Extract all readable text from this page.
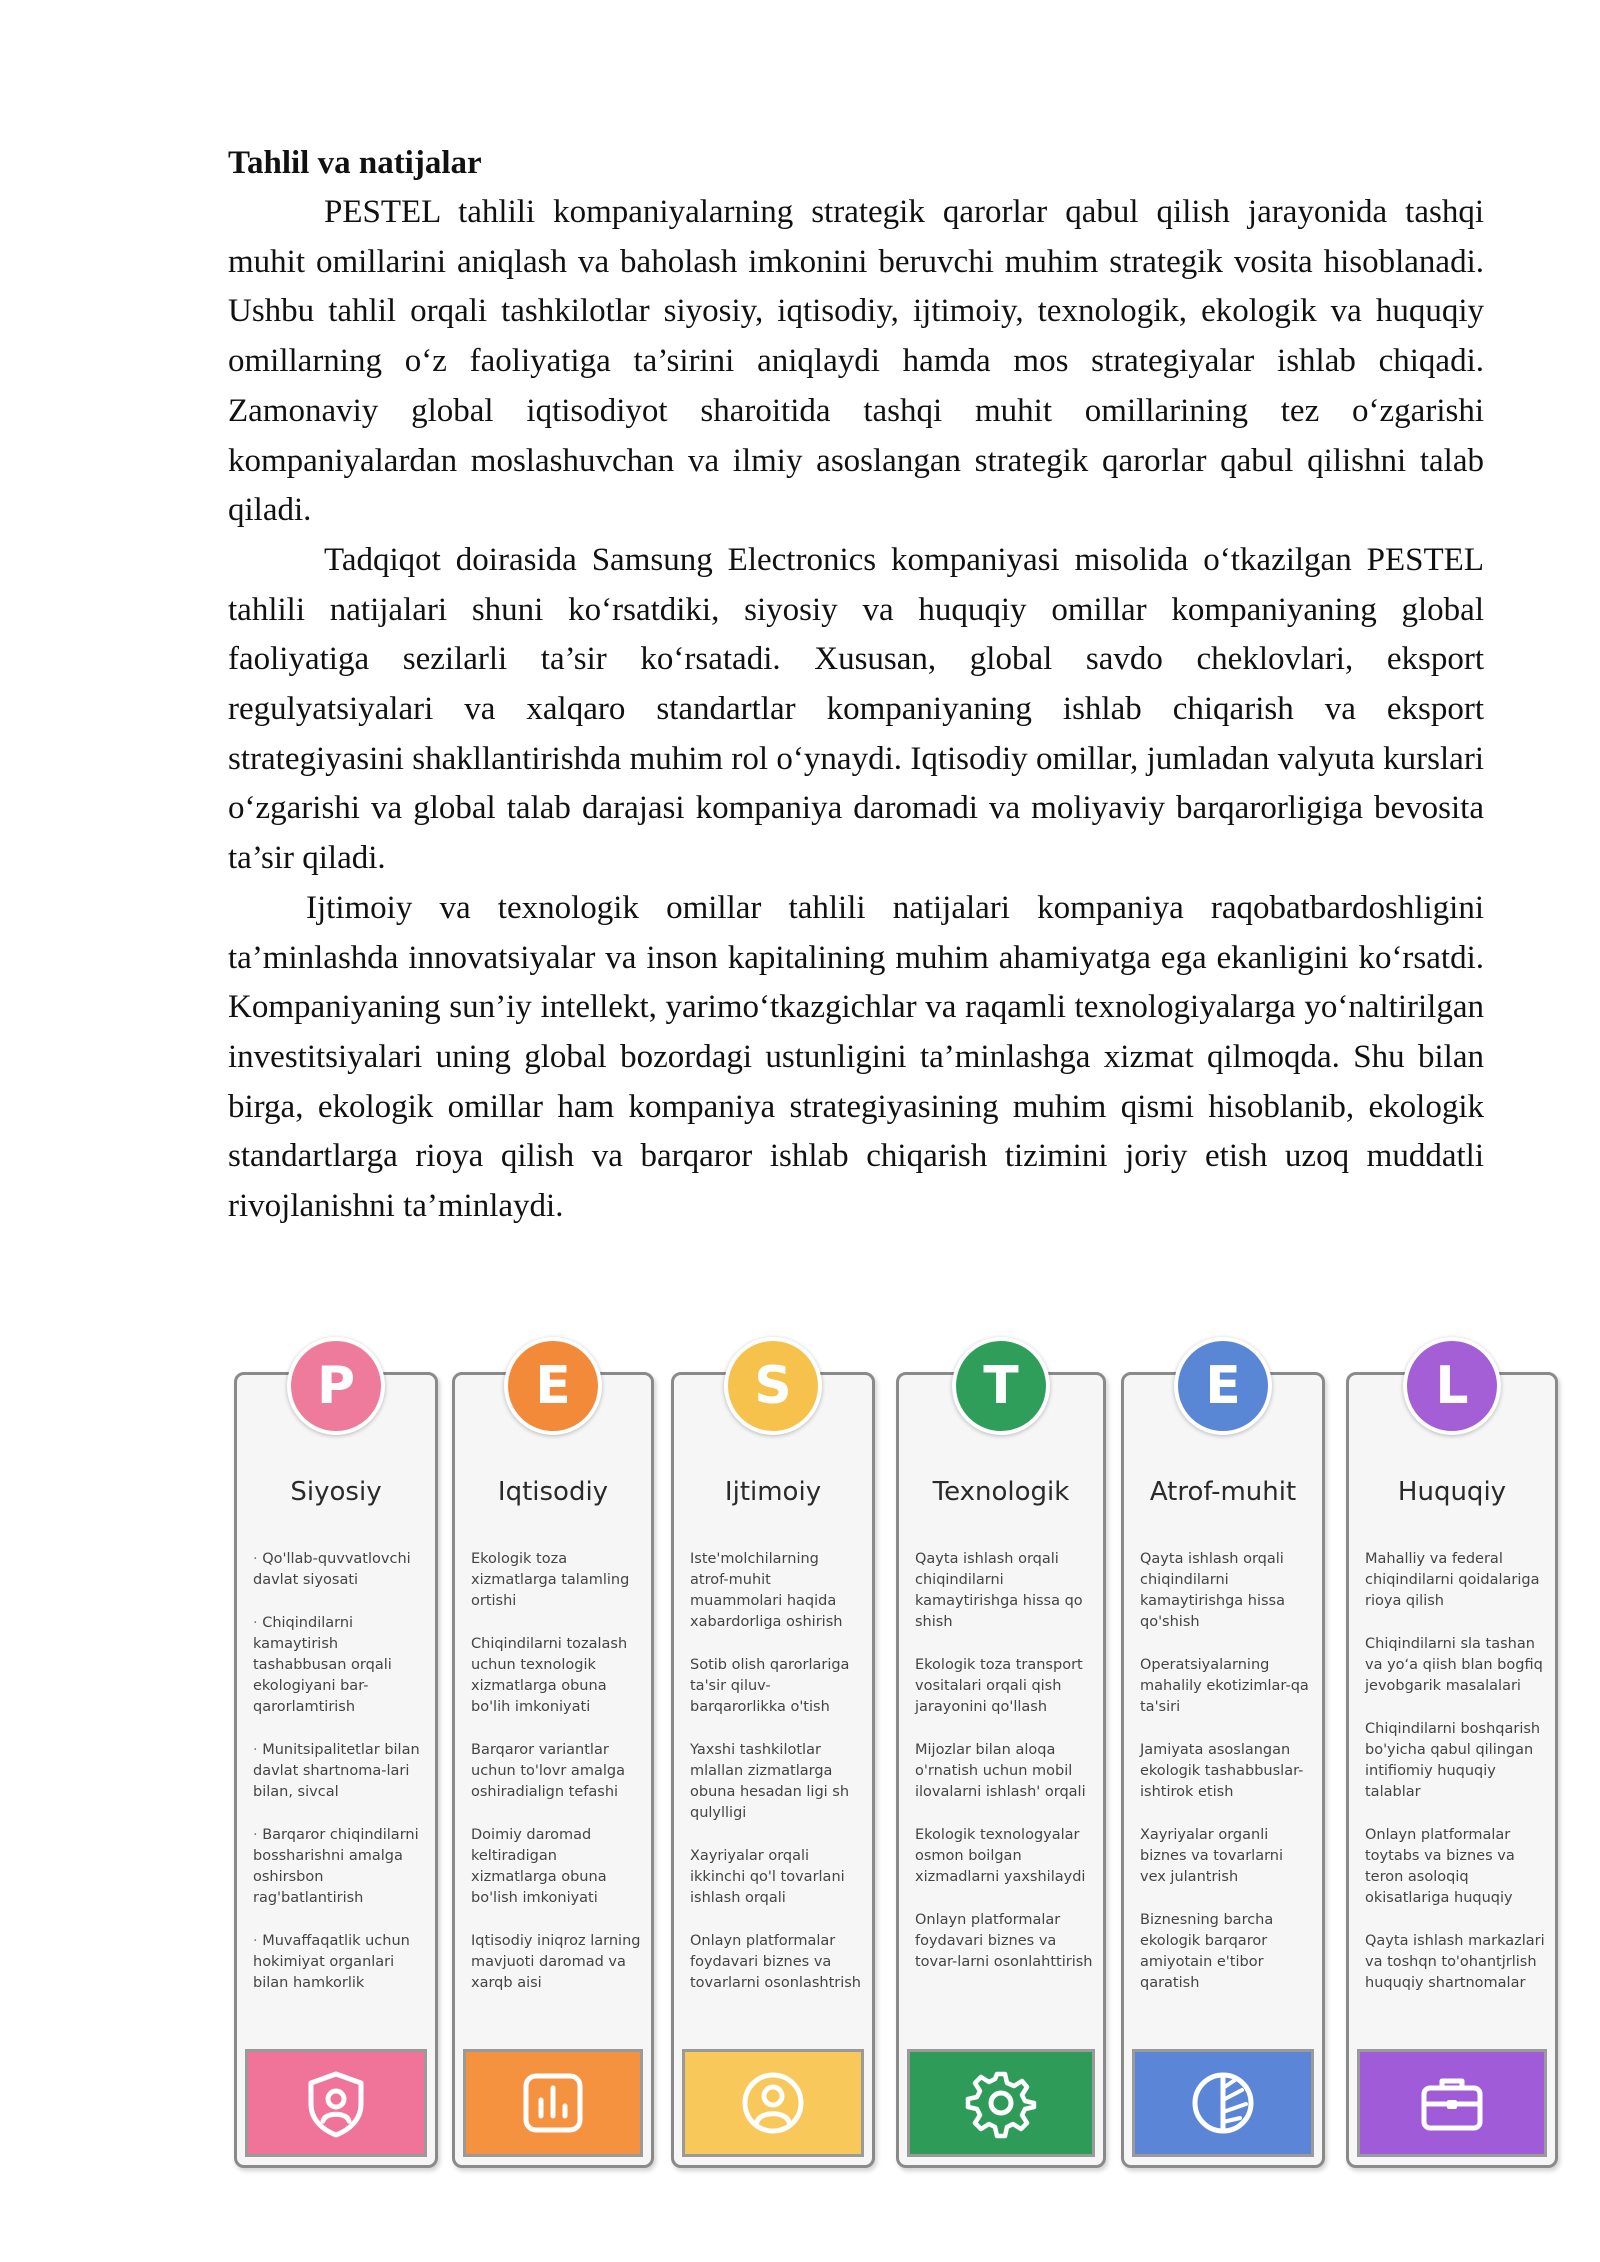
Tahlil va natijalar

PESTEL tahlili kompaniyalarning strategik qarorlar qabul qilish jarayonida tashqi muhit omillarini aniqlash va baholash imkonini beruvchi muhim strategik vosita hisoblanadi. Ushbu tahlil orqali tashkilotlar siyosiy, iqtisodiy, ijtimoiy, texnologik, ekologik va huquqiy omillarning o‘z faoliyatiga ta’sirini aniqlaydi hamda mos strategiyalar ishlab chiqadi. Zamonaviy global iqtisodiyot sharoitida tashqi muhit omillarining tez o‘zgarishi kompaniyalardan moslashuvchan va ilmiy asoslangan strategik qarorlar qabul qilishni talab qiladi.

Tadqiqot doirasida Samsung Electronics kompaniyasi misolida o‘tkazilgan PESTEL tahlili natijalari shuni ko‘rsatdiki, siyosiy va huquqiy omillar kompaniyaning global faoliyatiga sezilarli ta’sir ko‘rsatadi. Xususan, global savdo cheklovlari, eksport regulyatsiyalari va xalqaro standartlar kompaniyaning ishlab chiqarish va eksport strategiyasini shakllantirishda muhim rol o‘ynaydi. Iqtisodiy omillar, jumladan valyuta kurslari o‘zgarishi va global talab darajasi kompaniya daromadi va moliyaviy barqarorligiga bevosita ta’sir qiladi.

Ijtimoiy va texnologik omillar tahlili natijalari kompaniya raqobatbardoshligini ta’minlashda innovatsiyalar va inson kapitalining muhim ahamiyatga ega ekanligini ko‘rsatdi. Kompaniyaning sun’iy intellekt, yarimo‘tkazgichlar va raqamli texnologiyalarga yo‘naltirilgan investitsiyalari uning global bozordagi ustunligini ta’minlashga xizmat qilmoqda. Shu bilan birga, ekologik omillar ham kompaniya strategiyasining muhim qismi hisoblanib, ekologik standartlarga rioya qilish va barqaror ishlab chiqarish tizimini joriy etish uzoq muddatli rivojlanishni ta’minlaydi.

P
Siyosiy
· Qo'llab-quvvatlovchi davlat siyosati
· Chiqindilarni kamaytirish tashabbusan orqali ekologiyani bar-qarorlamtirish
· Munitsipalitetlar bilan davlat shartnoma-lari bilan, sivcal
· Barqaror chiqindilarni bossharishni amalga oshirsbon rag'batlantirish
· Muvaffaqatlik uchun hokimiyat organlari bilan hamkorlik
E
Iqtisodiy
Ekologik toza xizmatlarga talamling ortishi
Chiqindilarni tozalash uchun texnologik xizmatlarga obuna bo'lih imkoniyati
Barqaror variantlar uchun to'lovr amalga oshiradialign tefashi
Doimiy daromad keltiradigan xizmatlarga obuna bo'lish imkoniyati
Iqtisodiy iniqroz larning mavjuoti daromad va xarqb aisi
S
Ijtimoiy
Iste'molchilarning atrof-muhit muammolari haqida xabardorliga oshirish
Sotib olish qarorlariga ta'sir qiluv-barqarorlikka o'tish
Yaxshi tashkilotlar mlallan zizmatlarga obuna hesadan ligi sh qulylligi
Xayriyalar orqali ikkinchi qo'l tovarlani ishlash orqali
Onlayn platformalar foydavari biznes va tovarlarni osonlashtrish
T
Texnologik
Qayta ishlash orqali chiqindilarni kamaytirishga hissa qo shish
Ekologik toza transport vositalari orqali qish jarayonini qo'llash
Mijozlar bilan aloqa o'rnatish uchun mobil ilovalarni ishlash' orqali
Ekologik texnologyalar osmon boilgan xizmadlarni yaxshilaydi
Onlayn platformalar foydavari biznes va tovar-larni osonlahttirish
E
Atrof-muhit
Qayta ishlash orqali chiqindilarni kamaytirishga hissa qo'shish
Operatsiyalarning mahalily ekotizimlar-qa ta'siri
Jamiyata asoslangan ekologik tashabbuslar-ishtirok etish
Xayriyalar organli biznes va tovarlarni vex julantrish
Biznesning barcha ekologik barqaror amiyotain e'tibor qaratish
L
Huquqiy
Mahalliy va federal chiqindilarni qoidalariga rioya qilish
Chiqindilarni sla tashan va yoʻa qiish blan bogfiq jevobgarik masalalari
Chiqindilarni boshqarish bo'yicha qabul qilingan intifiomiy huquqiy talablar
Onlayn platformalar toytabs va biznes va teron asoloqiq okisatlariga huquqiy
Qayta ishlash markazlari va toshqn to'ohantjrlish huquqiy shartnomalar
